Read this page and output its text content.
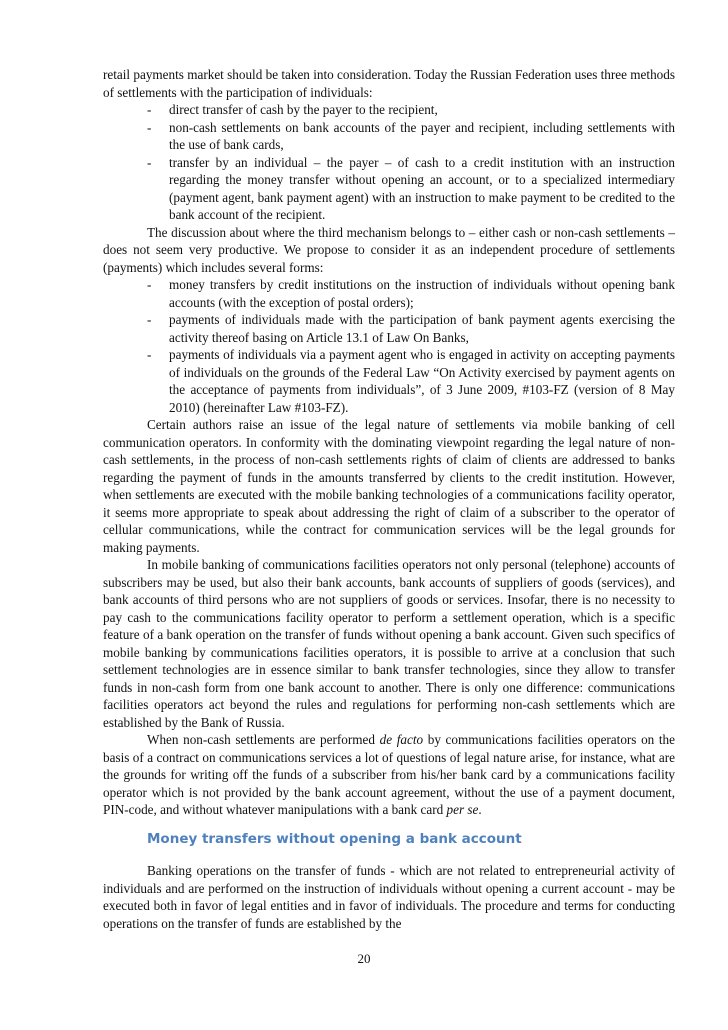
retail payments market should be taken into consideration. Today the Russian Federation uses three methods of settlements with the participation of individuals:

- direct transfer of cash by the payer to the recipient,
- non-cash settlements on bank accounts of the payer and recipient, including settlements with the use of bank cards,
- transfer by an individual – the payer – of cash to a credit institution with an instruction regarding the money transfer without opening an account, or to a specialized intermediary (payment agent, bank payment agent) with an instruction to make payment to be credited to the bank account of the recipient.

The discussion about where the third mechanism belongs to – either cash or non-cash settlements – does not seem very productive. We propose to consider it as an independent procedure of settlements (payments) which includes several forms:

- money transfers by credit institutions on the instruction of individuals without opening bank accounts (with the exception of postal orders);
- payments of individuals made with the participation of bank payment agents exercising the activity thereof basing on Article 13.1 of Law On Banks,
- payments of individuals via a payment agent who is engaged in activity on accepting payments of individuals on the grounds of the Federal Law “On Activity exercised by payment agents on the acceptance of payments from individuals”, of 3 June 2009, #103-FZ (version of 8 May 2010) (hereinafter Law #103-FZ).

Certain authors raise an issue of the legal nature of settlements via mobile banking of cell communication operators. In conformity with the dominating viewpoint regarding the legal nature of non-cash settlements, in the process of non-cash settlements rights of claim of clients are addressed to banks regarding the payment of funds in the amounts transferred by clients to the credit institution. However, when settlements are executed with the mobile banking technologies of a communications facility operator, it seems more appropriate to speak about addressing the right of claim of a subscriber to the operator of cellular communications, while the contract for communication services will be the legal grounds for making payments.

In mobile banking of communications facilities operators not only personal (telephone) accounts of subscribers may be used, but also their bank accounts, bank accounts of suppliers of goods (services), and bank accounts of third persons who are not suppliers of goods or services. Insofar, there is no necessity to pay cash to the communications facility operator to perform a settlement operation, which is a specific feature of a bank operation on the transfer of funds without opening a bank account. Given such specifics of mobile banking by communications facilities operators, it is possible to arrive at a conclusion that such settlement technologies are in essence similar to bank transfer technologies, since they allow to transfer funds in non-cash form from one bank account to another. There is only one difference: communications facilities operators act beyond the rules and regulations for performing non-cash settlements which are established by the Bank of Russia.

When non-cash settlements are performed de facto by communications facilities operators on the basis of a contract on communications services a lot of questions of legal nature arise, for instance, what are the grounds for writing off the funds of a subscriber from his/her bank card by a communications facility operator which is not provided by the bank account agreement, without the use of a payment document, PIN-code, and without whatever manipulations with a bank card per se.

Money transfers without opening a bank account

Banking operations on the transfer of funds - which are not related to entrepreneurial activity of individuals and are performed on the instruction of individuals without opening a current account - may be executed both in favor of legal entities and in favor of individuals. The procedure and terms for conducting operations on the transfer of funds are established by the

20
